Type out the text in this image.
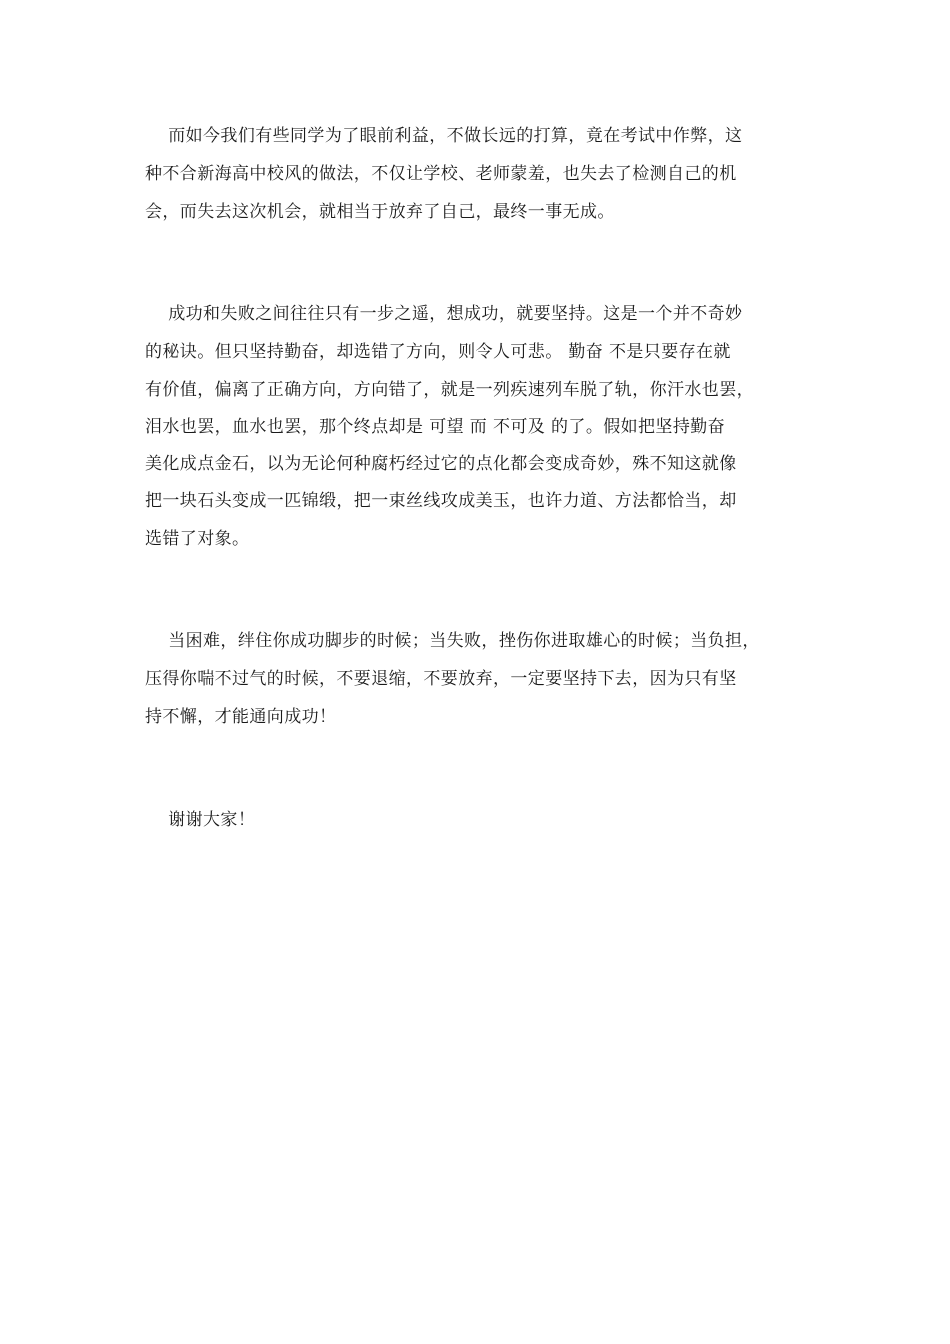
而如今我们有些同学为了眼前利益，不做长远的打算，竟在考试中作弊，这

种不合新海高中校风的做法，不仅让学校、老师蒙羞，也失去了检测自己的机

会，而失去这次机会，就相当于放弃了自己，最终一事无成。

成功和失败之间往往只有一步之遥，想成功，就要坚持。这是一个并不奇妙

的秘诀。但只坚持勤奋，却选错了方向，则令人可悲。 勤奋 不是只要存在就

有价值，偏离了正确方向，方向错了，就是一列疾速列车脱了轨，你汗水也罢，

泪水也罢，血水也罢，那个终点却是 可望 而 不可及 的了。假如把坚持勤奋

美化成点金石，以为无论何种腐朽经过它的点化都会变成奇妙，殊不知这就像

把一块石头变成一匹锦缎，把一束丝线攻成美玉，也许力道、方法都恰当，却

选错了对象。

当困难，绊住你成功脚步的时候；当失败，挫伤你进取雄心的时候；当负担，

压得你喘不过气的时候，不要退缩，不要放弃，一定要坚持下去，因为只有坚

持不懈，才能通向成功！

谢谢大家！
